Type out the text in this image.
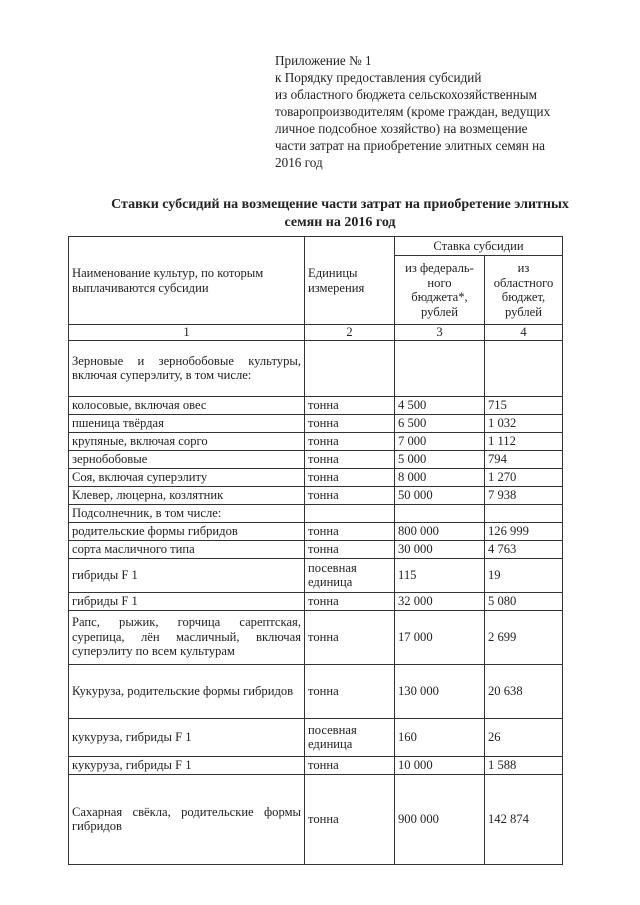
Приложение № 1
к Порядку предоставления субсидий
из областного бюджета сельскохозяйственным
товаропроизводителям (кроме граждан, ведущих
личное подсобное хозяйство) на возмещение
части затрат на приобретение элитных семян на
2016 год
Ставки субсидий на возмещение части затрат на приобретение элитных
семян на 2016 год
Наименование культур, по которым выплачиваются субсидии	Единицы измерения	Ставка субсидии	
		из федераль-ного бюджета*, рублей	из областного бюджет, рублей
1	2	3	4
Зерновые и зернобобовые культуры, включая суперэлиту, в том числе:			
колосовые, включая овес	тонна	4 500	715
пшеница твёрдая	тонна	6 500	1 032
крупяные, включая сорго	тонна	7 000	1 112
зернобобовые	тонна	5 000	794
Соя, включая суперэлиту	тонна	8 000	1 270
Клевер, люцерна, козлятник	тонна	50 000	7 938
Подсолнечник, в том числе:			
родительские формы гибридов	тонна	800 000	126 999
сорта масличного типа	тонна	30 000	4 763
гибриды F 1	посевная единица	115	19
гибриды F 1	тонна	32 000	5 080
Рапс, рыжик, горчица сарептская, сурепица, лён масличный, включая суперэлиту по всем культурам	тонна	17 000	2 699
Кукуруза, родительские формы гибридов	тонна	130 000	20 638
кукуруза, гибриды F 1	посевная единица	160	26
кукуруза, гибриды F 1	тонна	10 000	1 588
Сахарная свёкла, родительские формы гибридов	тонна	900 000	142 874
